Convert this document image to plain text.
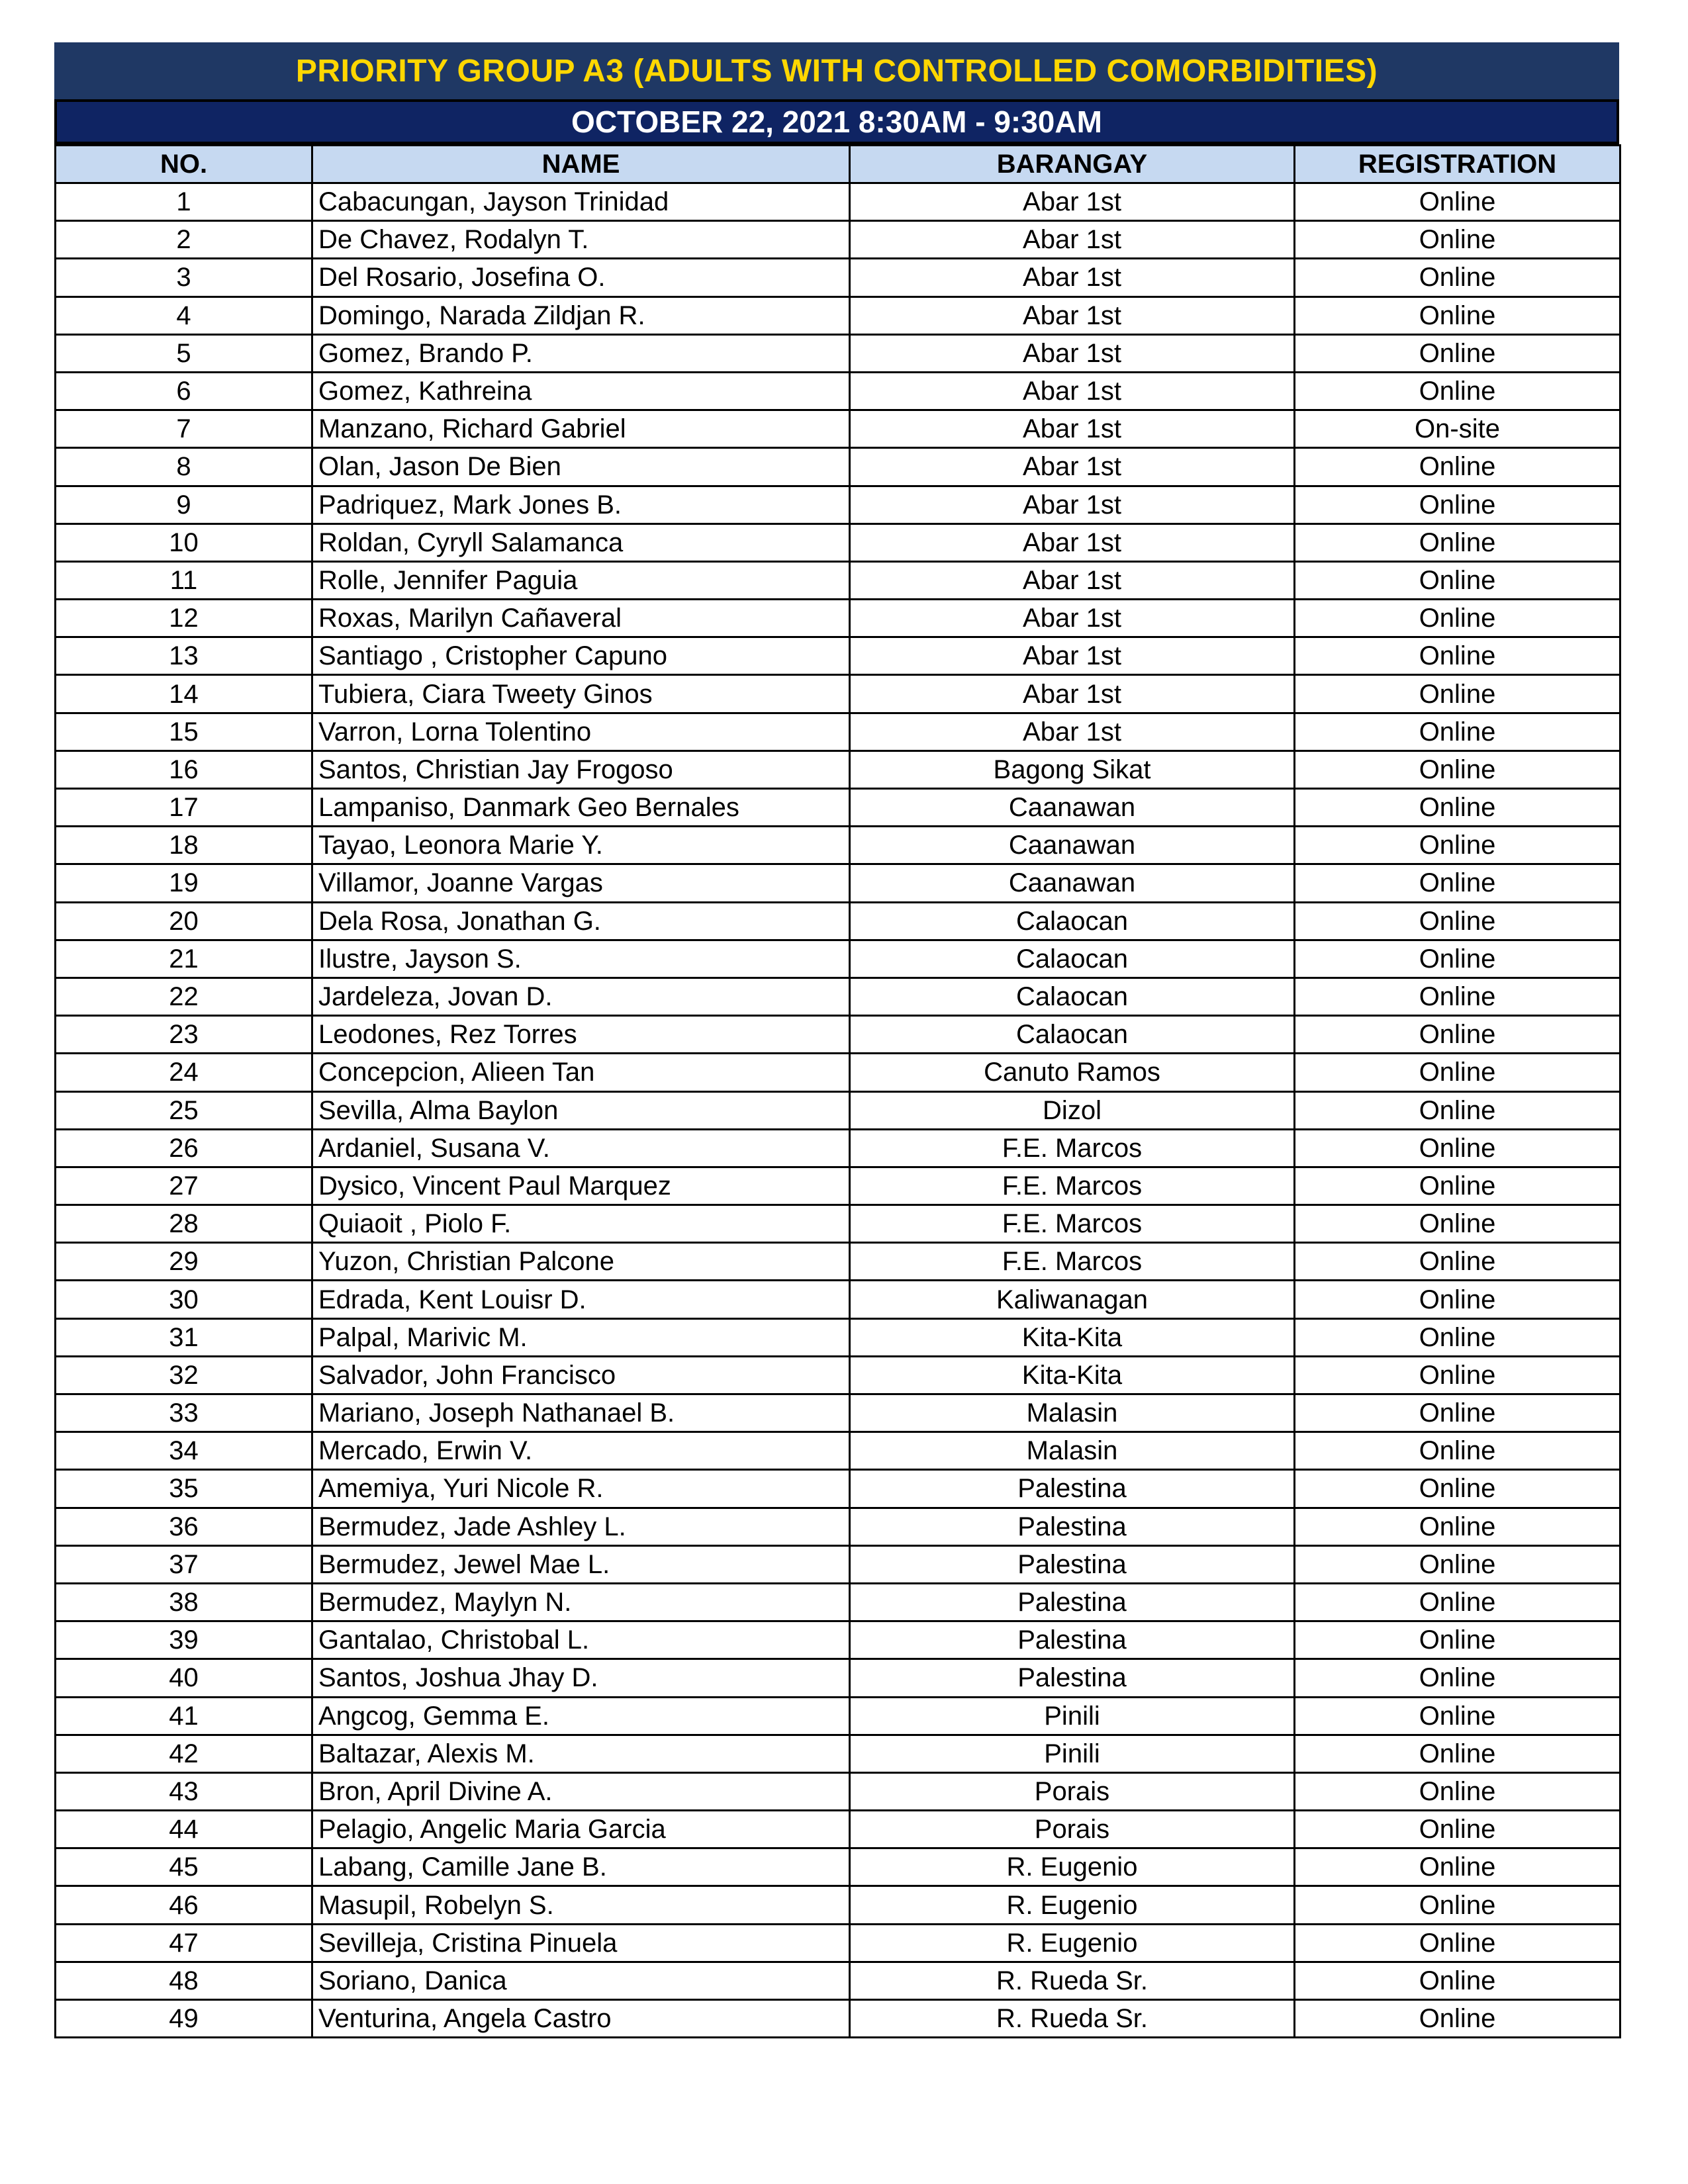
PRIORITY GROUP A3 (ADULTS WITH CONTROLLED COMORBIDITIES)
OCTOBER 22, 2021 8:30AM - 9:30AM
NO.	NAME	BARANGAY	REGISTRATION
1	Cabacungan, Jayson Trinidad	Abar 1st	Online
2	De Chavez, Rodalyn T.	Abar 1st	Online
3	Del Rosario, Josefina O.	Abar 1st	Online
4	Domingo, Narada Zildjan R.	Abar 1st	Online
5	Gomez, Brando P.	Abar 1st	Online
6	Gomez, Kathreina	Abar 1st	Online
7	Manzano, Richard Gabriel	Abar 1st	On-site
8	Olan, Jason De Bien	Abar 1st	Online
9	Padriquez, Mark Jones B.	Abar 1st	Online
10	Roldan, Cyryll Salamanca	Abar 1st	Online
11	Rolle, Jennifer Paguia	Abar 1st	Online
12	Roxas, Marilyn Cañaveral	Abar 1st	Online
13	Santiago , Cristopher Capuno	Abar 1st	Online
14	Tubiera, Ciara Tweety Ginos	Abar 1st	Online
15	Varron, Lorna Tolentino	Abar 1st	Online
16	Santos, Christian Jay Frogoso	Bagong Sikat	Online
17	Lampaniso, Danmark Geo Bernales	Caanawan	Online
18	Tayao, Leonora Marie Y.	Caanawan	Online
19	Villamor, Joanne Vargas	Caanawan	Online
20	Dela Rosa, Jonathan G.	Calaocan	Online
21	Ilustre, Jayson S.	Calaocan	Online
22	Jardeleza, Jovan D.	Calaocan	Online
23	Leodones, Rez Torres	Calaocan	Online
24	Concepcion, Alieen Tan	Canuto Ramos	Online
25	Sevilla, Alma Baylon	Dizol	Online
26	Ardaniel, Susana V.	F.E. Marcos	Online
27	Dysico, Vincent Paul Marquez	F.E. Marcos	Online
28	Quiaoit , Piolo F.	F.E. Marcos	Online
29	Yuzon, Christian Palcone	F.E. Marcos	Online
30	Edrada, Kent Louisr D.	Kaliwanagan	Online
31	Palpal, Marivic M.	Kita-Kita	Online
32	Salvador, John Francisco	Kita-Kita	Online
33	Mariano, Joseph Nathanael B.	Malasin	Online
34	Mercado, Erwin V.	Malasin	Online
35	Amemiya, Yuri Nicole R.	Palestina	Online
36	Bermudez, Jade Ashley L.	Palestina	Online
37	Bermudez, Jewel Mae L.	Palestina	Online
38	Bermudez, Maylyn N.	Palestina	Online
39	Gantalao, Christobal L.	Palestina	Online
40	Santos, Joshua Jhay D.	Palestina	Online
41	Angcog, Gemma E.	Pinili	Online
42	Baltazar, Alexis M.	Pinili	Online
43	Bron, April Divine A.	Porais	Online
44	Pelagio, Angelic Maria Garcia	Porais	Online
45	Labang, Camille Jane B.	R. Eugenio	Online
46	Masupil, Robelyn S.	R. Eugenio	Online
47	Sevilleja, Cristina Pinuela	R. Eugenio	Online
48	Soriano, Danica	R. Rueda Sr.	Online
49	Venturina, Angela Castro	R. Rueda Sr.	Online
